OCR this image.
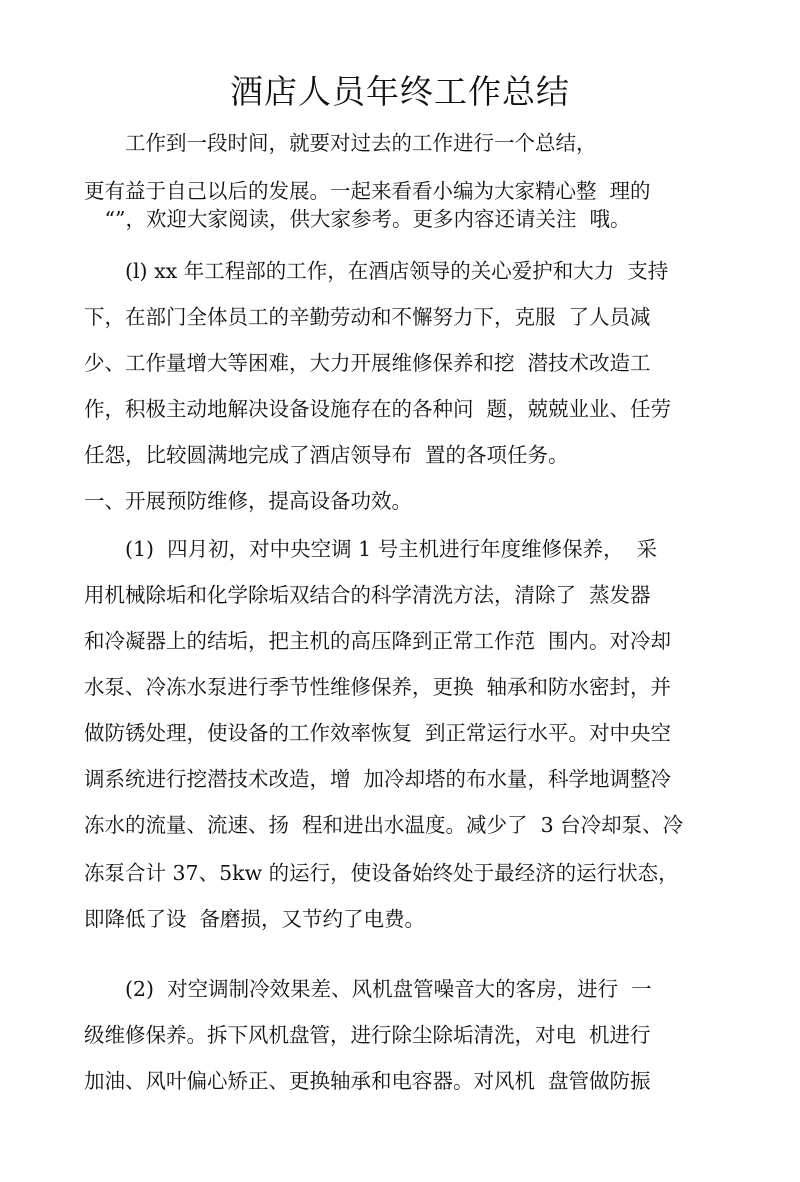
酒店人员年终工作总结

　　工作到一段时间，就要对过去的工作进行一个总结，

更有益于自己以后的发展。一起来看看小编为大家精心整  理的

　“”，欢迎大家阅读，供大家参考。更多内容还请关注  哦。

　　(l) xx 年工程部的工作，在酒店领导的关心爱护和大力  支持

下，在部门全体员工的辛勤劳动和不懈努力下，克服  了人员减

少、工作量增大等困难，大力开展维修保养和挖  潜技术改造工

作，积极主动地解决设备设施存在的各种问  题，兢兢业业、任劳

任怨，比较圆满地完成了酒店领导布  置的各项任务。

一、开展预防维修，提高设备功效。

　　(1)  四月初，对中央空调 1 号主机进行年度维修保养，  采

用机械除垢和化学除垢双结合的科学清洗方法，清除了  蒸发器

和冷凝器上的结垢，把主机的高压降到正常工作范  围内。对冷却

水泵、冷冻水泵进行季节性维修保养，更换  轴承和防水密封，并

做防锈处理，使设备的工作效率恢复  到正常运行水平。对中央空

调系统进行挖潜技术改造，增  加冷却塔的布水量，科学地调整冷

冻水的流量、流速、扬  程和进出水温度。减少了  3 台冷却泵、冷

冻泵合计 37、5kw 的运行，使设备始终处于最经济的运行状态，

即降低了设  备磨损，又节约了电费。

　　(2)  对空调制冷效果差、风机盘管噪音大的客房，进行  一

级维修保养。拆下风机盘管，进行除尘除垢清洗，对电  机进行

加油、风叶偏心矫正、更换轴承和电容器。对风机  盘管做防振
